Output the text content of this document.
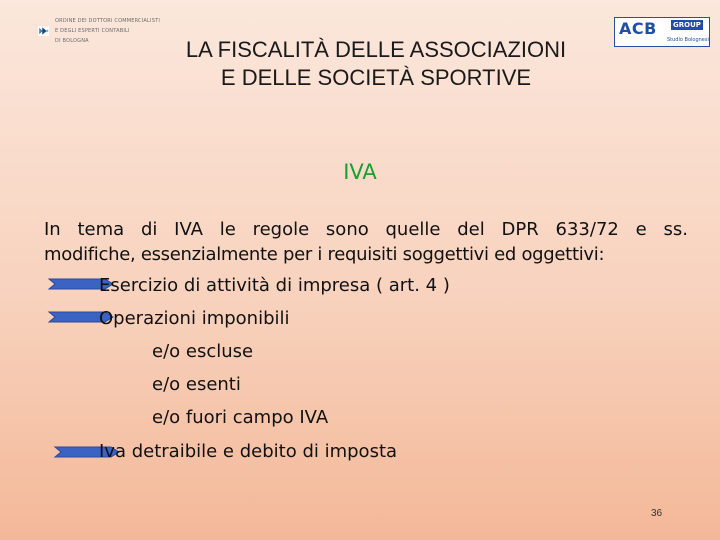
ORDINE DEI DOTTORI COMMERCIALISTI
E DEGLI ESPERTI CONTABILI
DI BOLOGNA
ACB GROUP
Studio Bolognesi
LA FISCALITÀ DELLE ASSOCIAZIONI
E DELLE SOCIETÀ SPORTIVE
IVA
In tema di IVA le regole sono quelle del DPR 633/72 e ss.
modifiche, essenzialmente per i requisiti soggettivi ed oggettivi:
Esercizio di attività di impresa ( art. 4 )
Operazioni imponibili
e/o escluse
e/o esenti
e/o fuori campo IVA
Iva detraibile e debito di imposta
36
